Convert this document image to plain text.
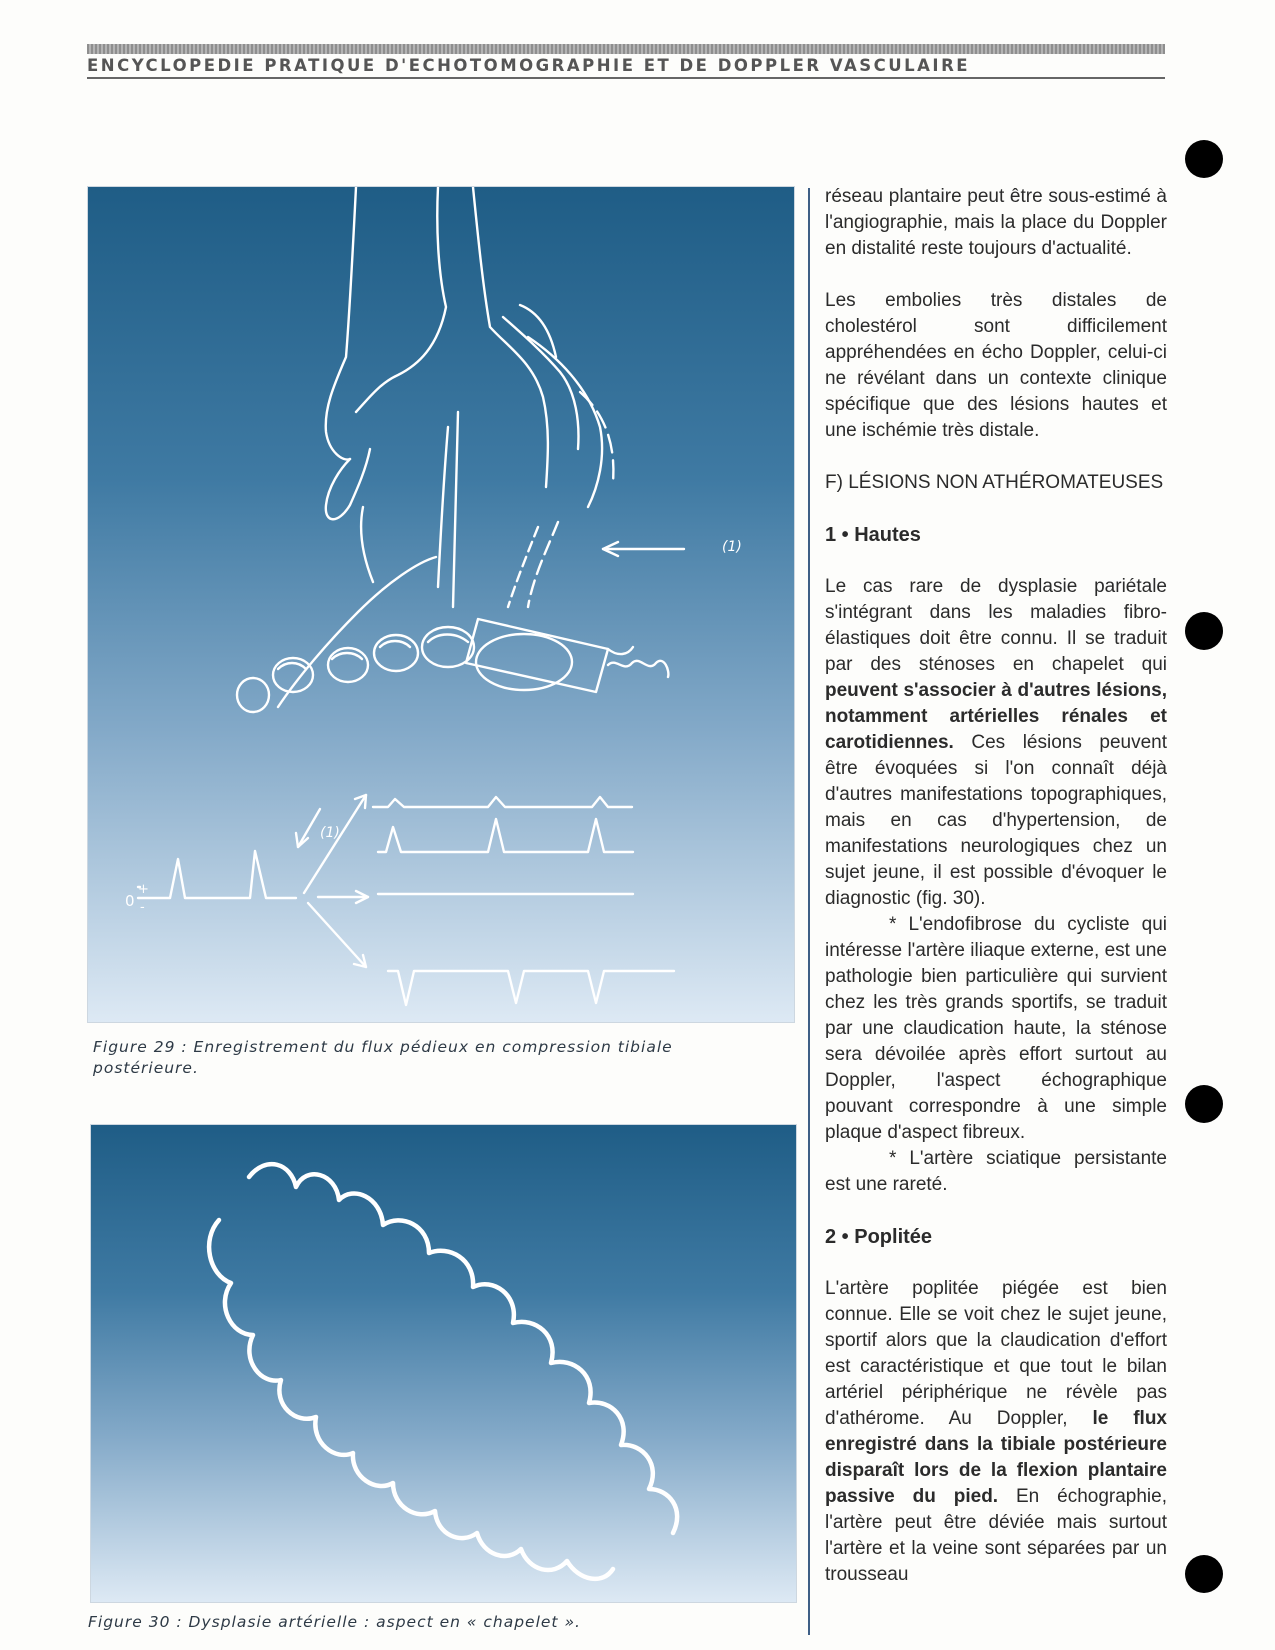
ENCYCLOPEDIE PRATIQUE D'ECHOTOMOGRAPHIE ET DE DOPPLER VASCULAIRE
(1)
(1)
0
+
-
Figure 29 : Enregistrement du flux pédieux en compression tibiale postérieure.
Figure 30 : Dysplasie artérielle : aspect en « chapelet ».

réseau plantaire peut être sous-estimé à l'angiographie, mais la place du Doppler en distalité reste toujours d'actualité.

Les embolies très distales de cholestérol sont difficilement appréhendées en écho Doppler, celui-ci ne révélant dans un contexte clinique spécifique que des lésions hautes et une ischémie très distale.

F) LÉSIONS NON ATHÉROMATEUSES

1 • Hautes

Le cas rare de dysplasie pariétale s'intégrant dans les maladies fibro-élastiques doit être connu. Il se traduit par des sténoses en chapelet qui peuvent s'associer à d'autres lésions, notamment artérielles rénales et carotidiennes. Ces lésions peuvent être évoquées si l'on connaît déjà d'autres manifestations topographiques, mais en cas d'hypertension, de manifestations neurologiques chez un sujet jeune, il est possible d'évoquer le diagnostic (fig. 30).

* L'endofibrose du cycliste qui intéresse l'artère iliaque externe, est une pathologie bien particulière qui survient chez les très grands sportifs, se traduit par une claudication haute, la sténose sera dévoilée après effort surtout au Doppler, l'aspect échographique pouvant correspondre à une simple plaque d'aspect fibreux.

* L'artère sciatique persistante est une rareté.

2 • Poplitée

L'artère poplitée piégée est bien connue. Elle se voit chez le sujet jeune, sportif alors que la claudication d'effort est caractéristique et que tout le bilan artériel périphérique ne révèle pas d'athérome. Au Doppler, le flux enregistré dans la tibiale postérieure disparaît lors de la flexion plantaire passive du pied. En échographie, l'artère peut être déviée mais surtout l'artère et la veine sont séparées par un trousseau
